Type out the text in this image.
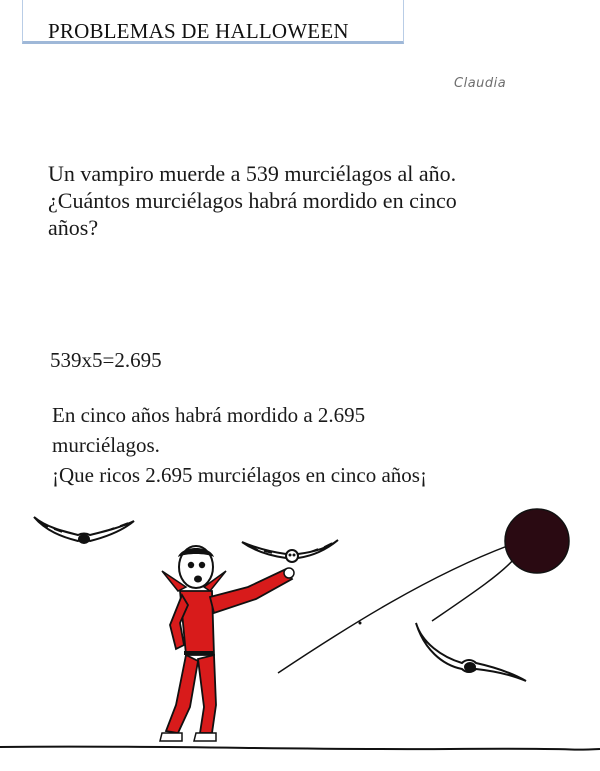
PROBLEMAS DE HALLOWEEN
Claudia

Un vampiro muerde a 539 murciélagos al año.
¿Cuántos murciélagos habrá mordido en cinco
años?

539x5=2.695

En cinco años habrá mordido a 2.695
murciélagos.
¡Que ricos 2.695 murciélagos en cinco años¡
